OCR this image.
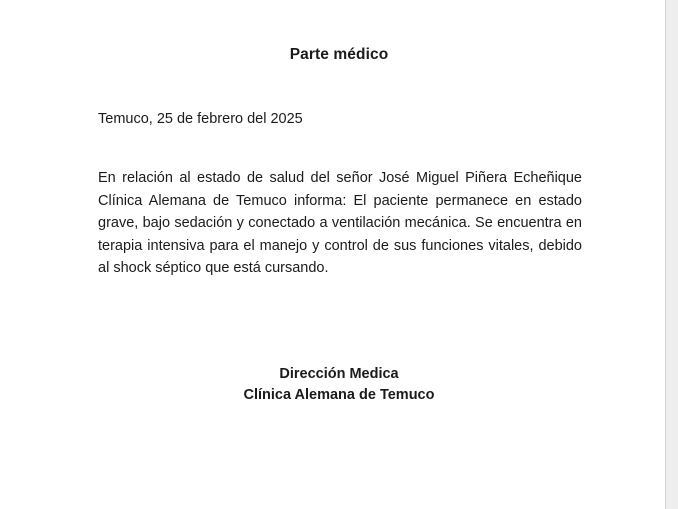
Parte médico
Temuco, 25 de febrero del 2025

En relación al estado de salud del señor José Miguel Piñera Echeñique Clínica Alemana de Temuco informa: El paciente permanece en estado grave, bajo sedación y conectado a ventilación mecánica. Se encuentra en terapia intensiva para el manejo y control de sus funciones vitales, debido al shock séptico que está cursando.

Dirección Medica
Clínica Alemana de Temuco
